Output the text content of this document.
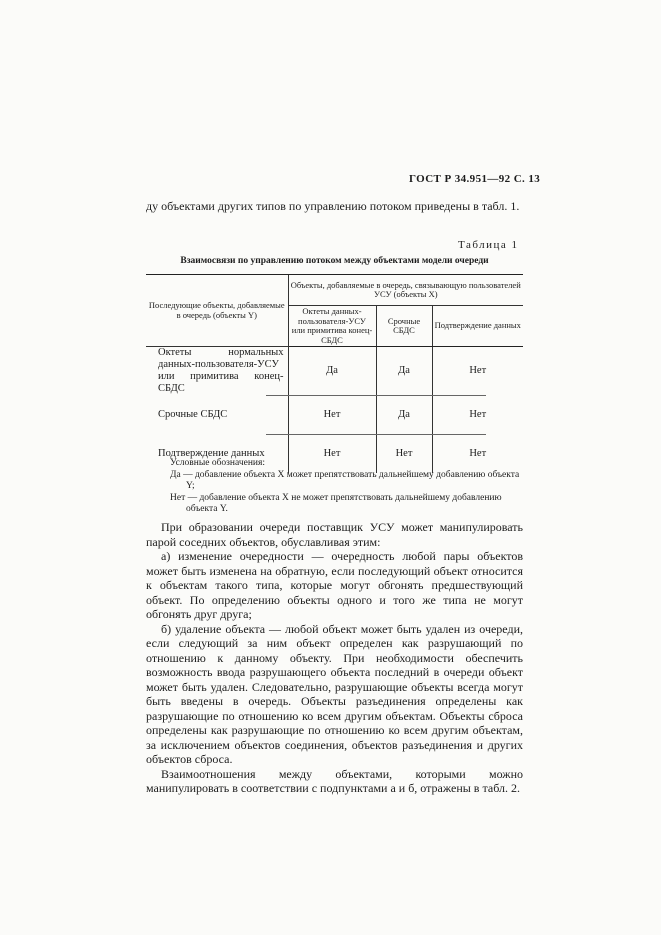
ГОСТ Р 34.951—92 С. 13
ду объектами других типов по управлению потоком приведены в табл. 1.
Таблица 1
Взаимосвязи по управлению потоком между объектами модели очереди
Последующие объекты, добавляемые в очередь (объекты Y)	Объекты, добавляемые в очередь, связывающую пользователей УСУ (объекты X)		
	Октеты данных-пользователя-УСУ или примитива конец-СБДС	Срочные СБДС	Подтверждение данных
Октеты нормальных данных-пользователя-УСУ или примитива конец-СБДС	Да	Да	Нет

Срочные СБДС	Нет	Да	Нет

Подтверждение данных	Нет	Нет	Нет
Условные обозначения:
Да — добавление объекта X может препятствовать дальнейшему добавлению объекта Y;
Нет — добавление объекта X не может препятствовать дальнейшему добавлению объекта Y.

При образовании очереди поставщик УСУ может манипулировать парой соседних объектов, обуславливая этим:

а) изменение очередности — очередность любой пары объектов может быть изменена на обратную, если последующий объект относится к объектам такого типа, которые могут обгонять предшествующий объект. По определению объекты одного и того же типа не могут обгонять друг друга;

б) удаление объекта — любой объект может быть удален из очереди, если следующий за ним объект определен как разрушающий по отношению к данному объекту. При необходимости обеспечить возможность ввода разрушающего объекта последний в очереди объект может быть удален. Следовательно, разрушающие объекты всегда могут быть введены в очередь. Объекты разъединения определены как разрушающие по отношению ко всем другим объектам. Объекты сброса определены как разрушающие по отношению ко всем другим объектам, за исключением объектов соединения, объектов разъединения и других объектов сброса.

Взаимоотношения между объектами, которыми можно манипулировать в соответствии с подпунктами а и б, отражены в табл. 2.
